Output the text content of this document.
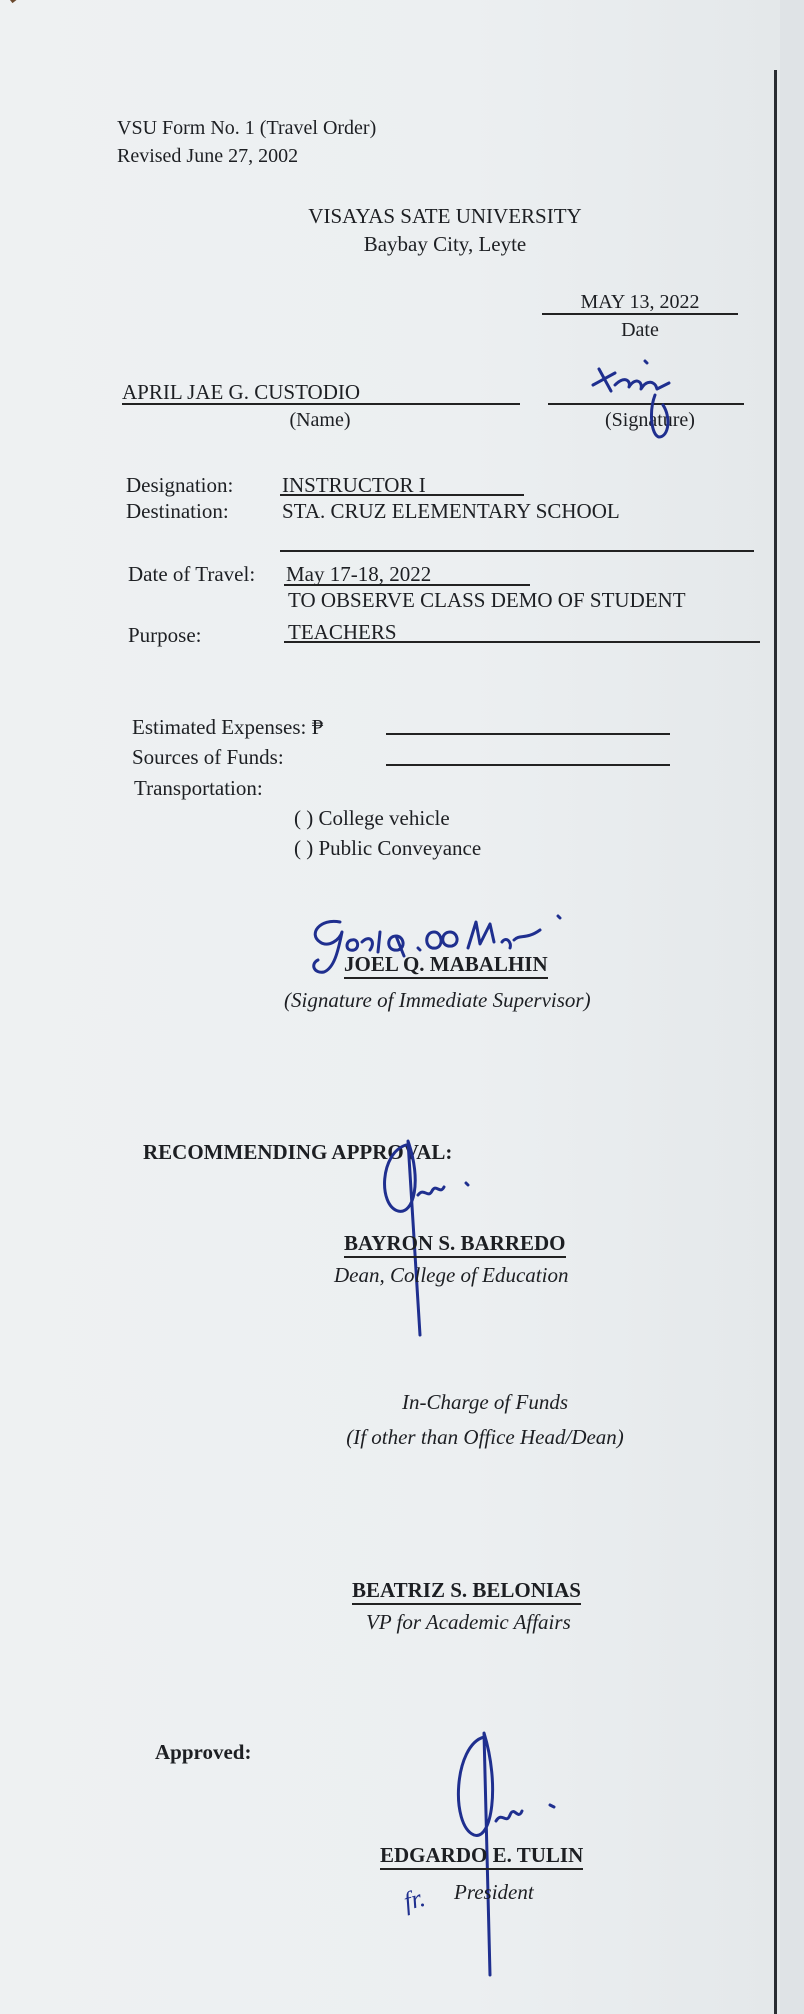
VSU Form No. 1 (Travel Order)
Revised June 27, 2002
VISAYAS SATE UNIVERSITY
Baybay City, Leyte
MAY 13, 2022
Date
APRIL JAE G. CUSTODIO
(Name)	(Signature)
Designation: INSTRUCTOR I
Destination:	STA. CRUZ ELEMENTARY SCHOOL
Date of Travel: May 17-18, 2022
TO OBSERVE CLASS DEMO OF STUDENT
Purpose:	TEACHERS
Estimated Expenses: ₱
Sources of Funds:
Transportation:
( ) College vehicle
( ) Public Conveyance
JOEL Q. MABALHIN
(Signature of Immediate Supervisor)
RECOMMENDING APPROVAL:
BAYRON S. BARREDO
Dean, College of Education
In-Charge of Funds
(If other than Office Head/Dean)
BEATRIZ S. BELONIAS
VP for Academic Affairs
Approved:
EDGARDO E. TULIN
President
fr.
